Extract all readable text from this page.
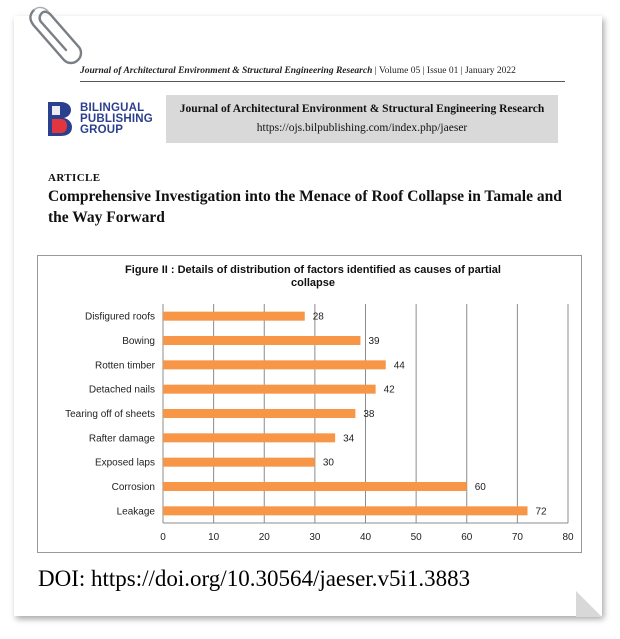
Journal of Architectural Environment & Structural Engineering Research | Volume 05 | Issue 01 | January 2022
BILINGUAL
PUBLISHING
GROUP
Journal of Architectural Environment & Structural Engineering Research
https://ojs.bilpublishing.com/index.php/jaeser
ARTICLE
Comprehensive Investigation into the Menace of Roof Collapse in Tamale and the Way Forward
Figure II : Details of distribution of factors identified as causes of partial collapse
0	10	20	30	40	50	60	70	80
Disfigured roofs	28
Bowing	39
Rotten timber	44
Detached nails	42
Tearing off of sheets	38
Rafter damage	34
Exposed laps	30
Corrosion	60
Leakage	72
DOI: https://doi.org/10.30564/jaeser.v5i1.3883
